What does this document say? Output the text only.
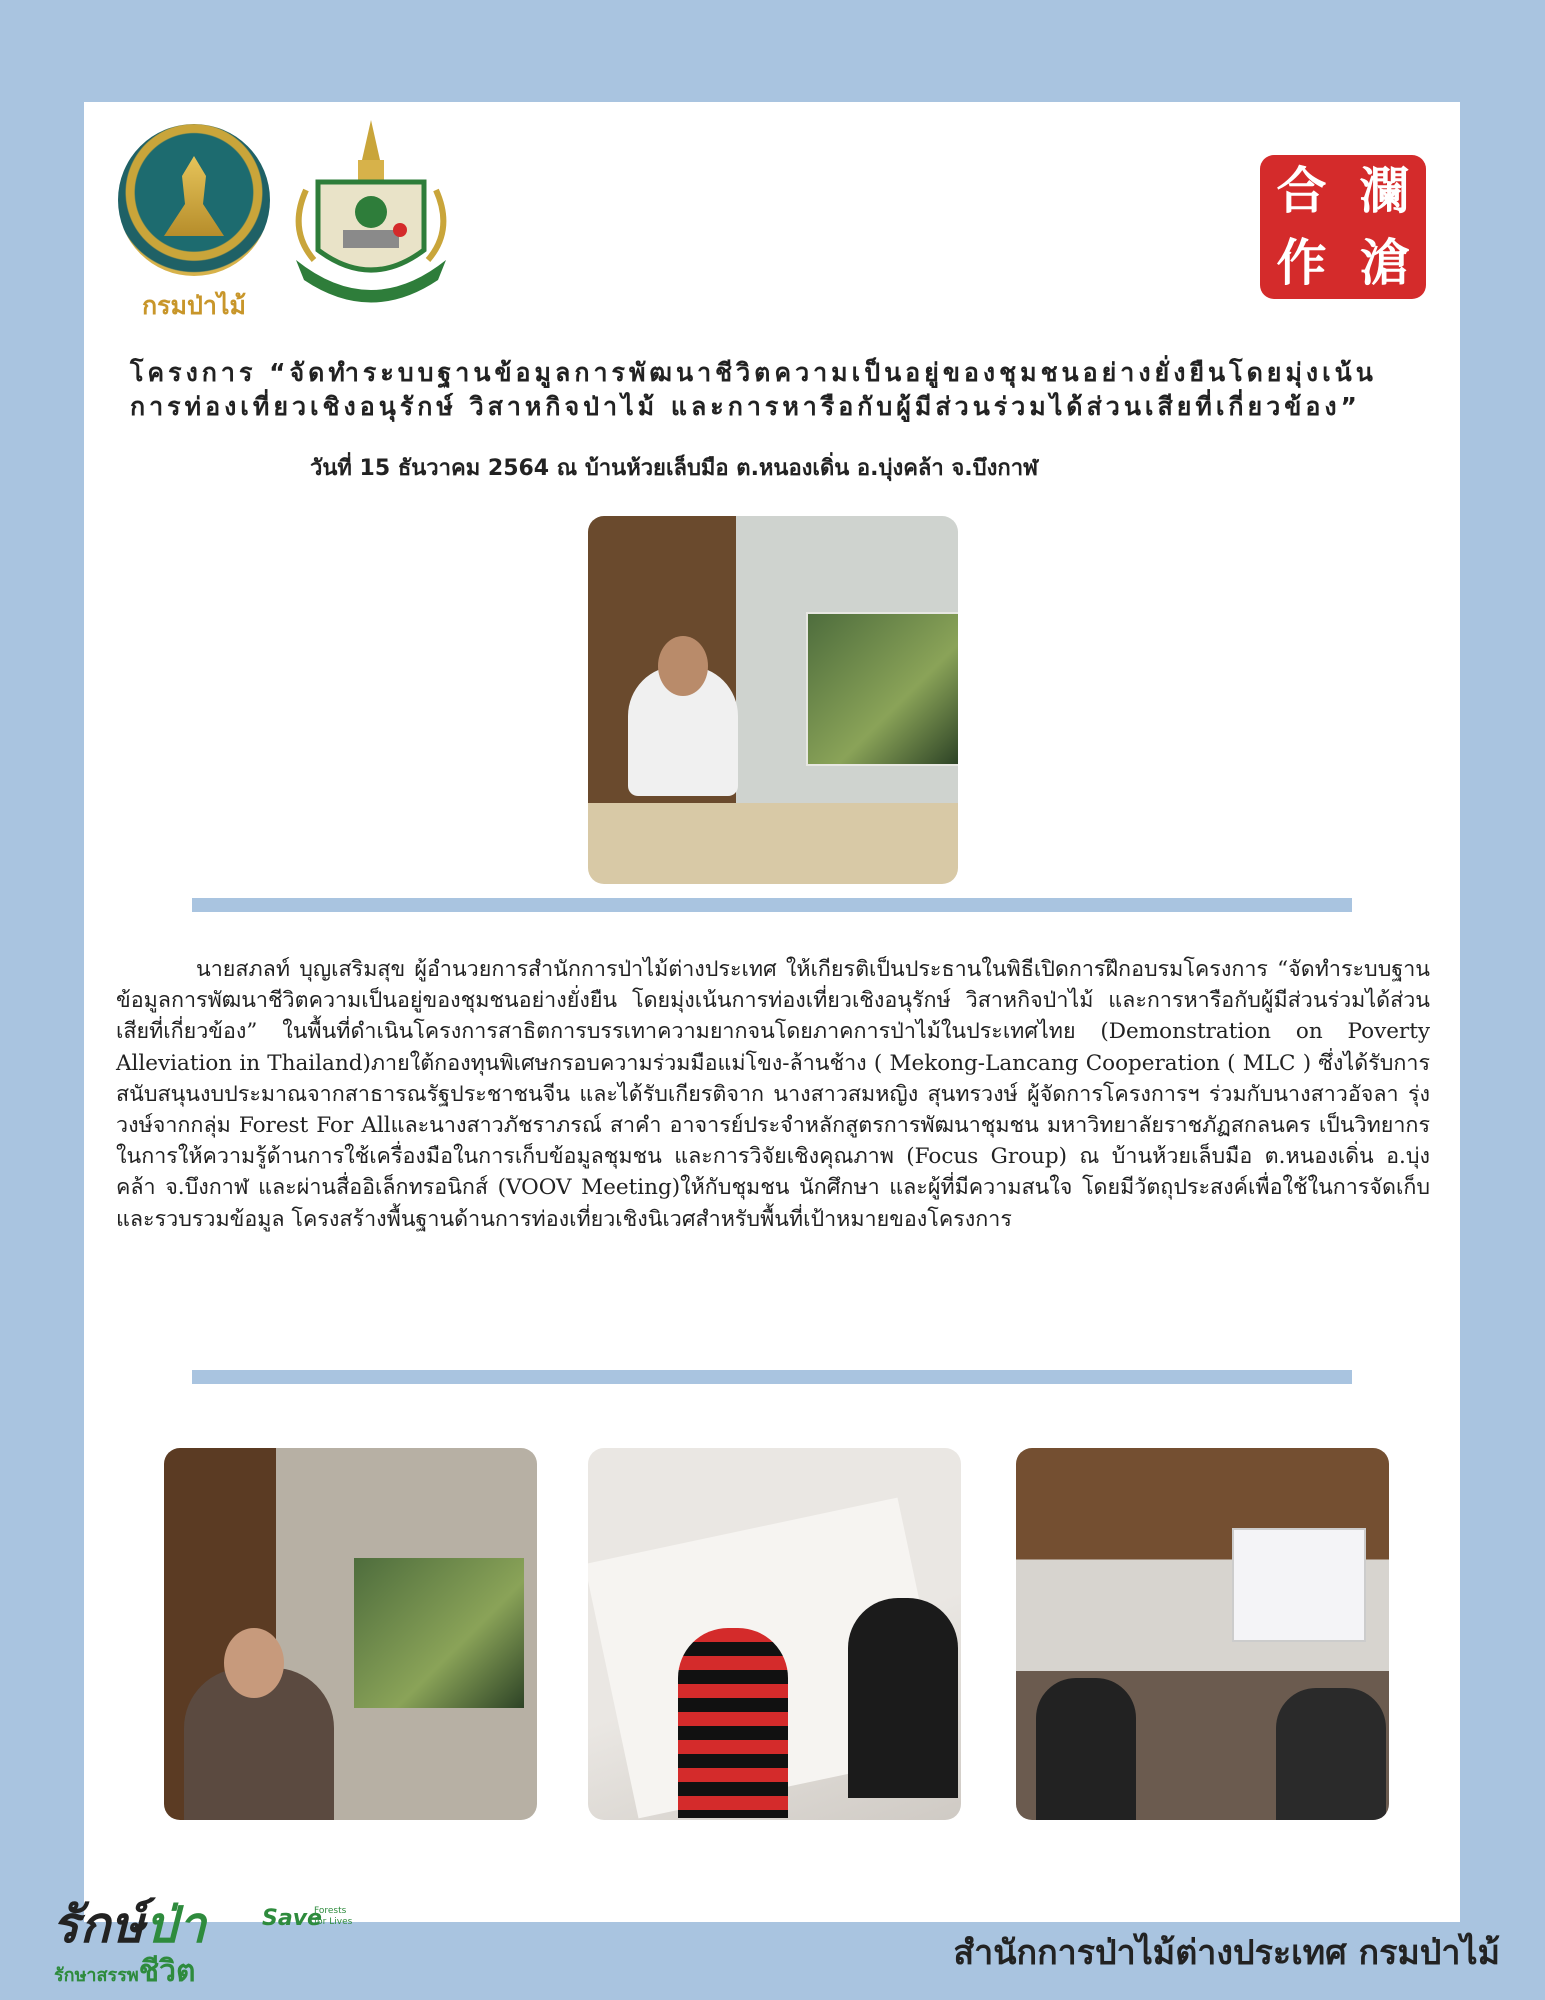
กรมป่าไม้
合 瀾
作 滄
โครงการ “จัดทำระบบฐานข้อมูลการพัฒนาชีวิตความเป็นอยู่ของชุมชนอย่างยั่งยืนโดยมุ่งเน้น
การท่องเที่ยวเชิงอนุรักษ์ วิสาหกิจป่าไม้ และการหารือกับผู้มีส่วนร่วมได้ส่วนเสียที่เกี่ยวข้อง”
วันที่ 15 ธันวาคม 2564 ณ บ้านห้วยเล็บมือ ต.หนองเดิ่น อ.บุ่งคล้า จ.บึงกาฬ
นายสภลท์ บุญเสริมสุข ผู้อำนวยการสำนักการป่าไม้ต่างประเทศ ให้เกียรติเป็นประธานในพิธีเปิดการฝึกอบรมโครงการ “จัดทำระบบฐานข้อมูลการพัฒนาชีวิตความเป็นอยู่ของชุมชนอย่างยั่งยืน โดยมุ่งเน้นการท่องเที่ยวเชิงอนุรักษ์ วิสาหกิจป่าไม้ และการหารือกับผู้มีส่วนร่วมได้ส่วนเสียที่เกี่ยวข้อง” ในพื้นที่ดำเนินโครงการสาธิตการบรรเทาความยากจนโดยภาคการป่าไม้ในประเทศไทย (Demonstration on Poverty Alleviation in Thailand)ภายใต้กองทุนพิเศษกรอบความร่วมมือแม่โขง-ล้านช้าง ( Mekong-Lancang Cooperation ( MLC ) ซึ่งได้รับการสนับสนุนงบประมาณจากสาธารณรัฐประชาชนจีน และได้รับเกียรติจาก นางสาวสมหญิง สุนทรวงษ์ ผู้จัดการโครงการฯ ร่วมกับนางสาวอัจลา รุ่งวงษ์จากกลุ่ม Forest For Allและนางสาวภัชราภรณ์ สาคำ อาจารย์ประจำหลักสูตรการพัฒนาชุมชน มหาวิทยาลัยราชภัฏสกลนคร เป็นวิทยากรในการให้ความรู้ด้านการใช้เครื่องมือในการเก็บข้อมูลชุมชน และการวิจัยเชิงคุณภาพ (Focus Group) ณ บ้านห้วยเล็บมือ ต.หนองเดิ่น อ.บุ่งคล้า จ.บึงกาฬ และผ่านสื่ออิเล็กทรอนิกส์ (VOOV Meeting)ให้กับชุมชน นักศึกษา และผู้ที่มีความสนใจ โดยมีวัตถุประสงค์เพื่อใช้ในการจัดเก็บและรวบรวมข้อมูล โครงสร้างพื้นฐานด้านการท่องเที่ยวเชิงนิเวศสำหรับพื้นที่เป้าหมายของโครงการ
รักษ์ป่า
รักษาสรรพชีวิต
Save
Forests for Lives
สำนักการป่าไม้ต่างประเทศ กรมป่าไม้
